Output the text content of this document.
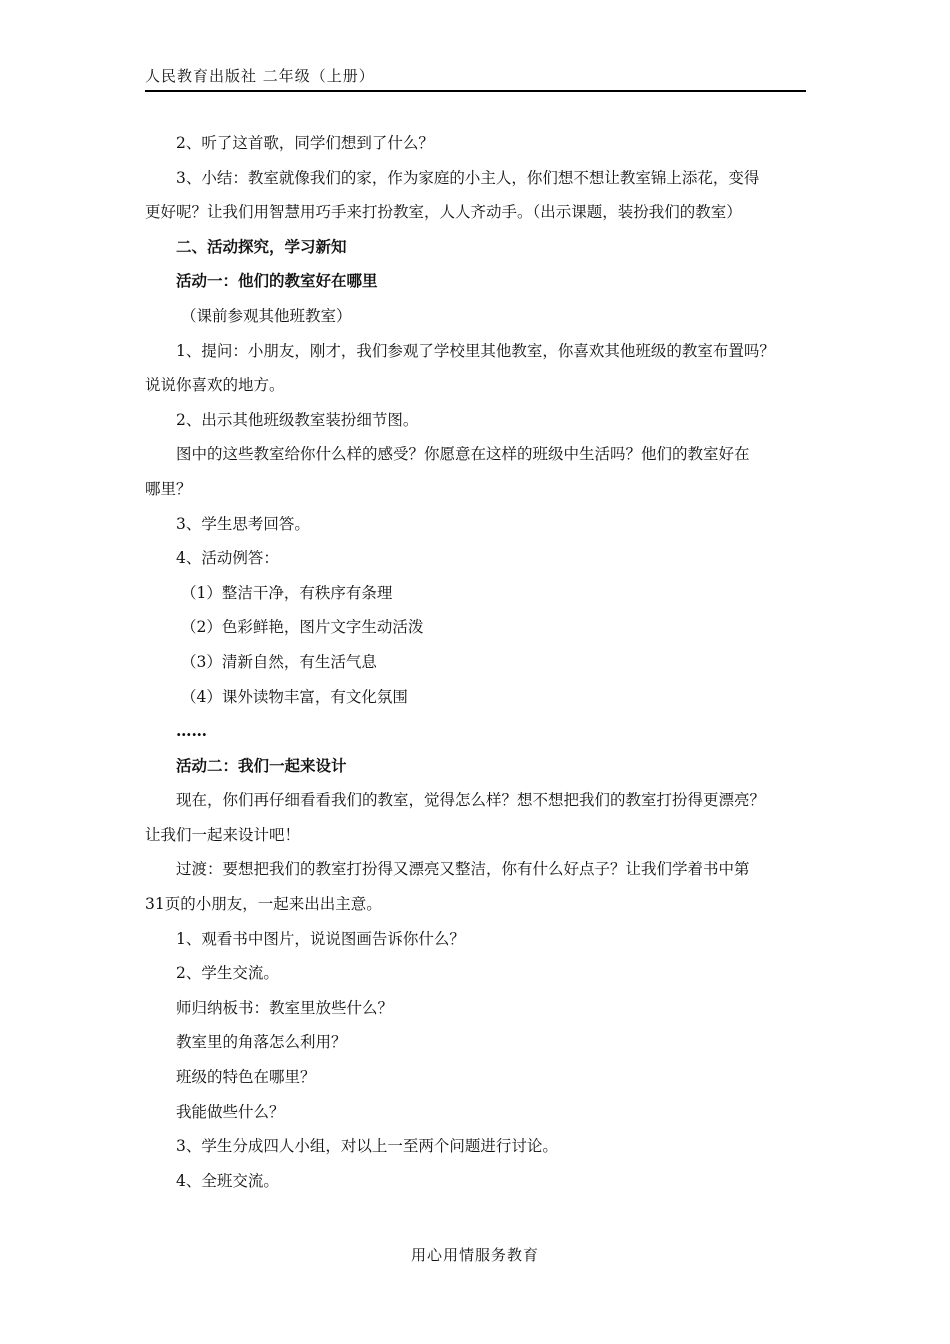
人民教育出版社 二年级（上册）

2、听了这首歌，同学们想到了什么？

3、小结：教室就像我们的家，作为家庭的小主人，你们想不想让教室锦上添花，变得

更好呢？让我们用智慧用巧手来打扮教室，人人齐动手。（出示课题，装扮我们的教室）

二、活动探究，学习新知

活动一：他们的教室好在哪里

（课前参观其他班教室）

1、提问：小朋友，刚才，我们参观了学校里其他教室，你喜欢其他班级的教室布置吗？

说说你喜欢的地方。

2、出示其他班级教室装扮细节图。

图中的这些教室给你什么样的感受？你愿意在这样的班级中生活吗？他们的教室好在

哪里？

3、学生思考回答。

4、活动例答：

（1）整洁干净，有秩序有条理

（2）色彩鲜艳，图片文字生动活泼

（3）清新自然，有生活气息

（4）课外读物丰富，有文化氛围

……

活动二：我们一起来设计

现在，你们再仔细看看我们的教室，觉得怎么样？想不想把我们的教室打扮得更漂亮？

让我们一起来设计吧！

过渡：要想把我们的教室打扮得又漂亮又整洁，你有什么好点子？让我们学着书中第

31页的小朋友，一起来出出主意。

1、观看书中图片，说说图画告诉你什么？

2、学生交流。

师归纳板书：教室里放些什么？

教室里的角落怎么利用？

班级的特色在哪里？

我能做些什么？

3、学生分成四人小组，对以上一至两个问题进行讨论。

4、全班交流。

用心用情服务教育
